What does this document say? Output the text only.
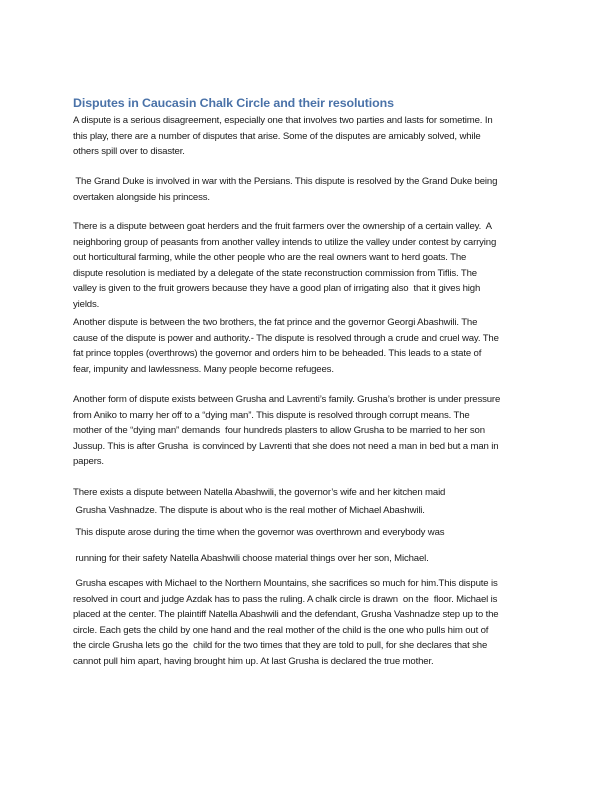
Disputes in Caucasin Chalk Circle and their resolutions
A dispute is a serious disagreement, especially one that involves two parties and lasts for sometime. In
this play, there are a number of disputes that arise. Some of the disputes are amicably solved, while
others spill over to disaster.
The Grand Duke is involved in war with the Persians. This dispute is resolved by the Grand Duke being
overtaken alongside his princess.
There is a dispute between goat herders and the fruit farmers over the ownership of a certain valley.  A
neighboring group of peasants from another valley intends to utilize the valley under contest by carrying
out horticultural farming, while the other people who are the real owners want to herd goats. The
dispute resolution is mediated by a delegate of the state reconstruction commission from Tiflis. The
valley is given to the fruit growers because they have a good plan of irrigating also  that it gives high
yields.
Another dispute is between the two brothers, the fat prince and the governor Georgi Abashwili. The
cause of the dispute is power and authority.- The dispute is resolved through a crude and cruel way. The
fat prince topples (overthrows) the governor and orders him to be beheaded. This leads to a state of
fear, impunity and lawlessness. Many people become refugees.
Another form of dispute exists between Grusha and Lavrenti’s family. Grusha’s brother is under pressure
from Aniko to marry her off to a “dying man”. This dispute is resolved through corrupt means. The
mother of the “dying man” demands  four hundreds plasters to allow Grusha to be married to her son
Jussup. This is after Grusha  is convinced by Lavrenti that she does not need a man in bed but a man in
papers.
There exists a dispute between Natella Abashwili, the governor’s wife and her kitchen maid
Grusha Vashnadze. The dispute is about who is the real mother of Michael Abashwili.
This dispute arose during the time when the governor was overthrown and everybody was
running for their safety Natella Abashwili choose material things over her son, Michael.
Grusha escapes with Michael to the Northern Mountains, she sacrifices so much for him.This dispute is
resolved in court and judge Azdak has to pass the ruling. A chalk circle is drawn  on the  floor. Michael is
placed at the center. The plaintiff Natella Abashwili and the defendant, Grusha Vashnadze step up to the
circle. Each gets the child by one hand and the real mother of the child is the one who pulls him out of
the circle Grusha lets go the  child for the two times that they are told to pull, for she declares that she
cannot pull him apart, having brought him up. At last Grusha is declared the true mother.
